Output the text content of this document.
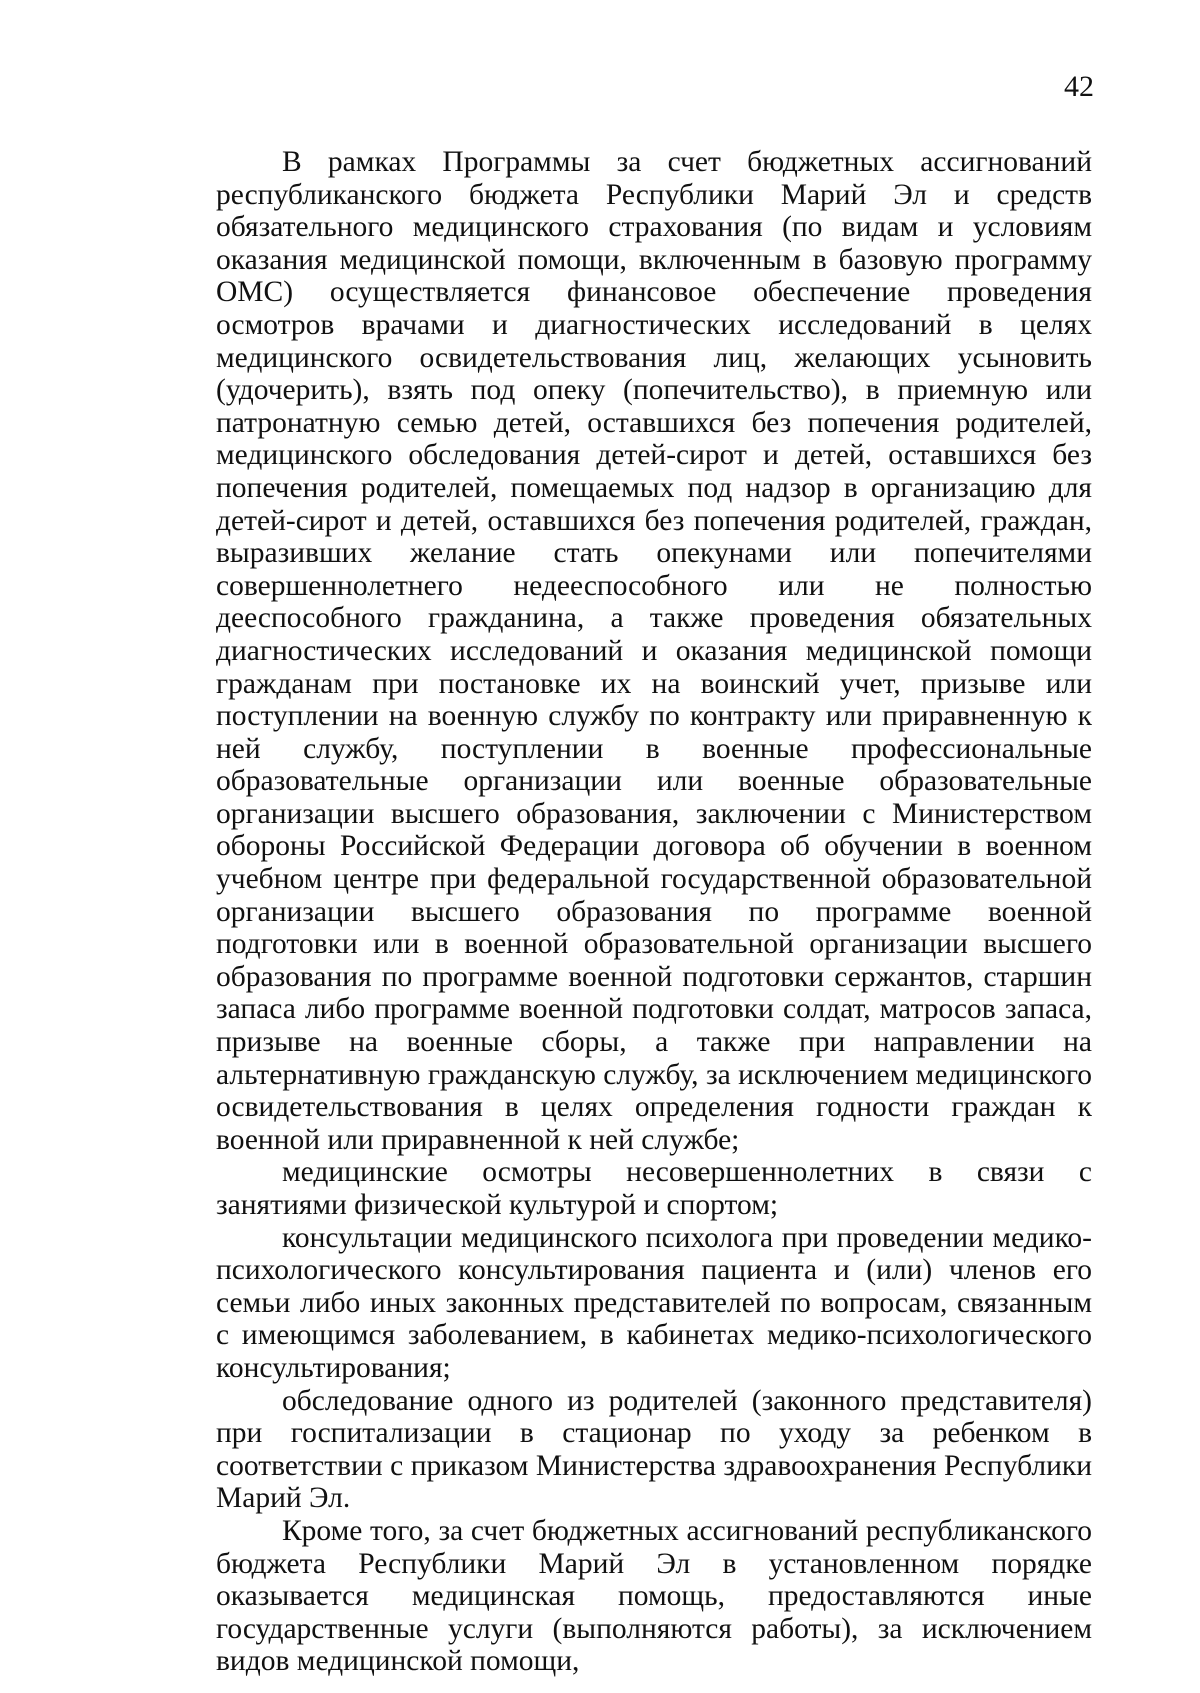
42

В рамках Программы за счет бюджетных ассигнований республиканского бюджета Республики Марий Эл и средств обязательного медицинского страхования (по видам и условиям оказания медицинской помощи, включенным в базовую программу ОМС) осуществляется финансовое обеспечение проведения осмотров врачами и диагностических исследований в целях медицинского освидетельствования лиц, желающих усыновить (удочерить), взять под опеку (попечительство), в приемную или патронатную семью детей, оставшихся без попечения родителей, медицинского обследования детей-сирот и детей, оставшихся без попечения родителей, помещаемых под надзор в организацию для детей-сирот и детей, оставшихся без попечения родителей, граждан, выразивших желание стать опекунами или попечителями совершеннолетнего недееспособного или не полностью дееспособного гражданина, а также проведения обязательных диагностических исследований и оказания медицинской помощи гражданам при постановке их на воинский учет, призыве или поступлении на военную службу по контракту или приравненную к ней службу, поступлении в военные профессиональные образовательные организации или военные образовательные организации высшего образования, заключении с Министерством обороны Российской Федерации договора об обучении в военном учебном центре при федеральной государственной образовательной организации высшего образования по программе военной подготовки или в военной образовательной организации высшего образования по программе военной подготовки сержантов, старшин запаса либо программе военной подготовки солдат, матросов запаса, призыве на военные сборы, а также при направлении на альтернативную гражданскую службу, за исключением медицинского освидетельствования в целях определения годности граждан к военной или приравненной к ней службе;

медицинские осмотры несовершеннолетних в связи с занятиями физической культурой и спортом;

консультации медицинского психолога при проведении медико-психологического консультирования пациента и (или) членов его семьи либо иных законных представителей по вопросам, связанным с имеющимся заболеванием, в кабинетах медико-психологического консультирования;

обследование одного из родителей (законного представителя) при госпитализации в стационар по уходу за ребенком в соответствии с приказом Министерства здравоохранения Республики Марий Эл.

Кроме того, за счет бюджетных ассигнований республиканского бюджета Республики Марий Эл в установленном порядке оказывается медицинская помощь, предоставляются иные государственные услуги (выполняются работы), за исключением видов медицинской помощи,
